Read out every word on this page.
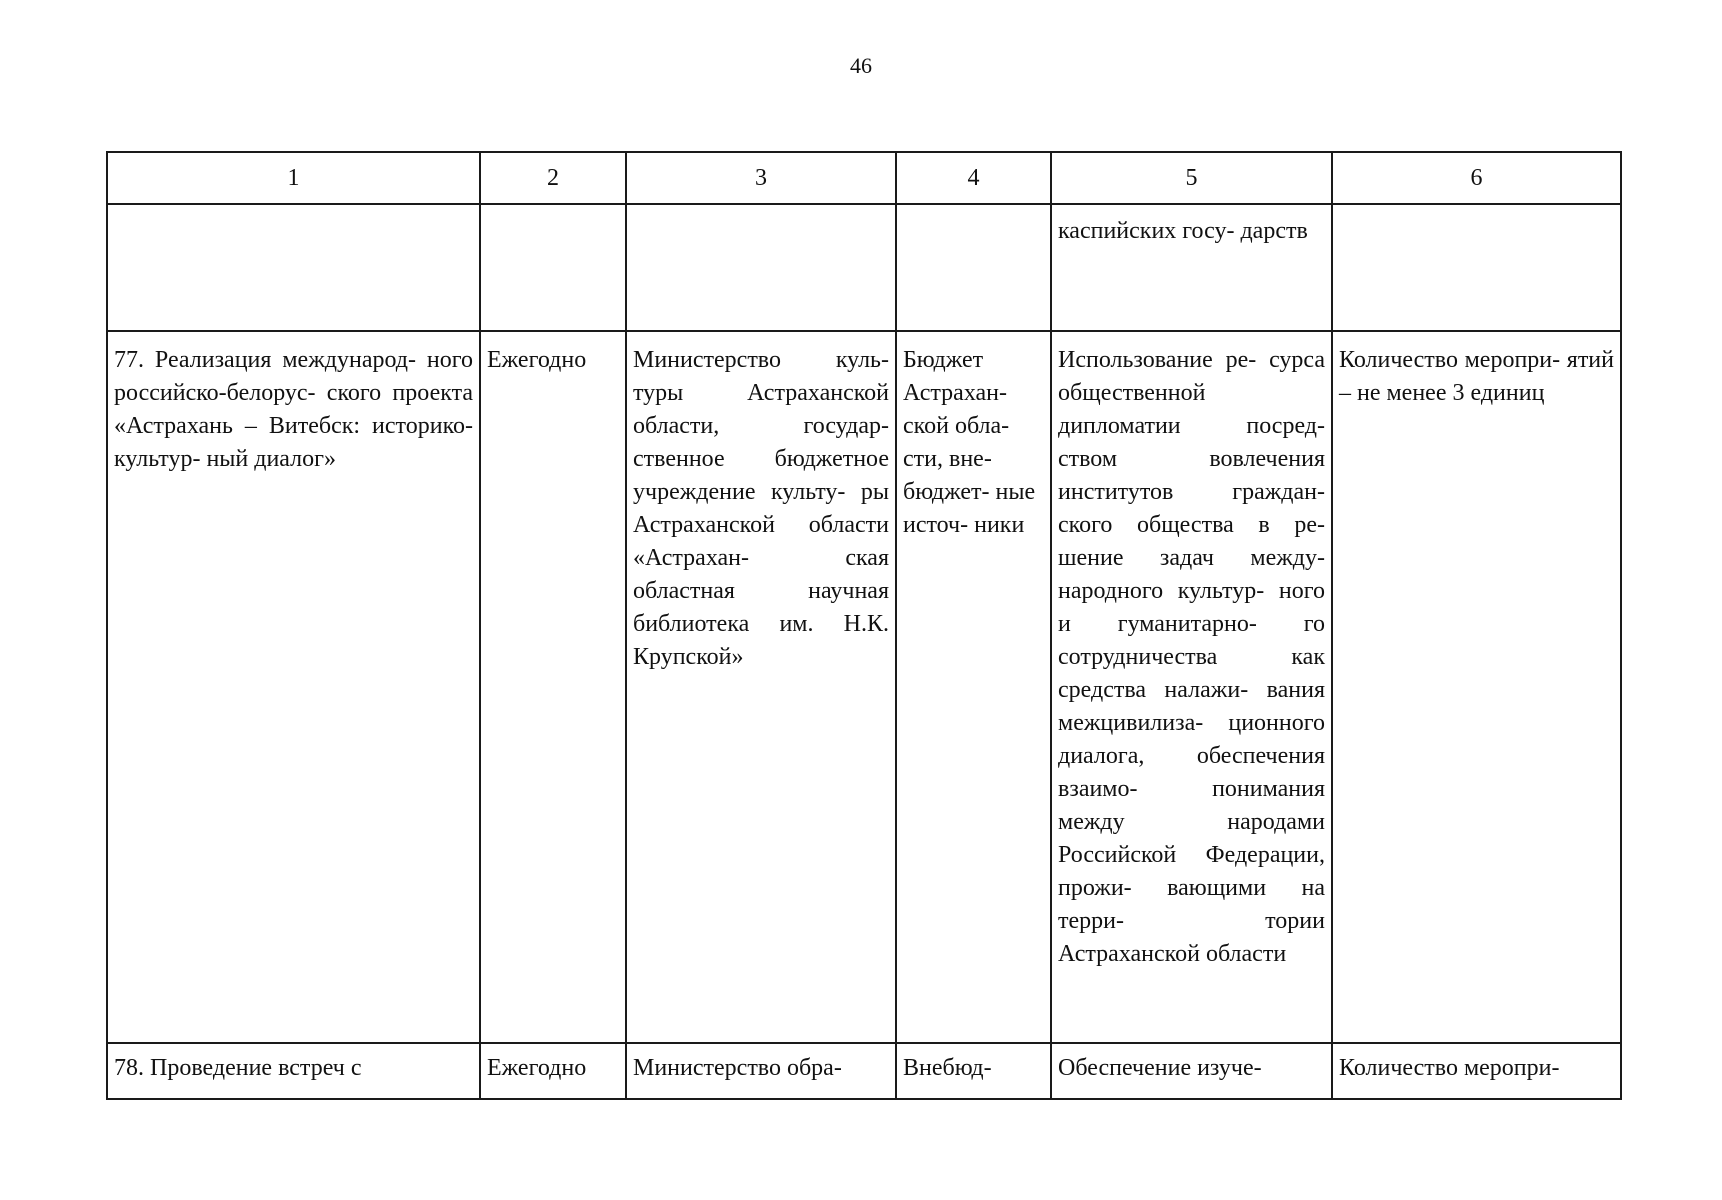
46
1	2	3	4	5	6
				каспийских госу- дарств	
77. Реализация международ- ного российско-белорус- ского проекта «Астрахань – Витебск: историко-культур- ный диалог»	Ежегодно	Министерство куль- туры Астраханской области, государ- ственное бюджетное учреждение культу- ры Астраханской области «Астрахан- ская областная научная библиотека им. Н.К. Крупской»	Бюджет Астрахан- ской обла- сти, вне- бюджет- ные источ- ники	Использование ре- сурса общественной дипломатии посред- ством вовлечения институтов граждан- ского общества в ре- шение задач между- народного культур- ного и гуманитарно- го сотрудничества как средства налажи- вания межцивилиза- ционного диалога, обеспечения взаимо- понимания между народами Российской Федерации, прожи- вающими на терри- тории Астраханской области	Количество меропри- ятий – не менее 3 единиц
78. Проведение встреч с	Ежегодно	Министерство обра-	Внебюд-	Обеспечение изуче-	Количество меропри-
